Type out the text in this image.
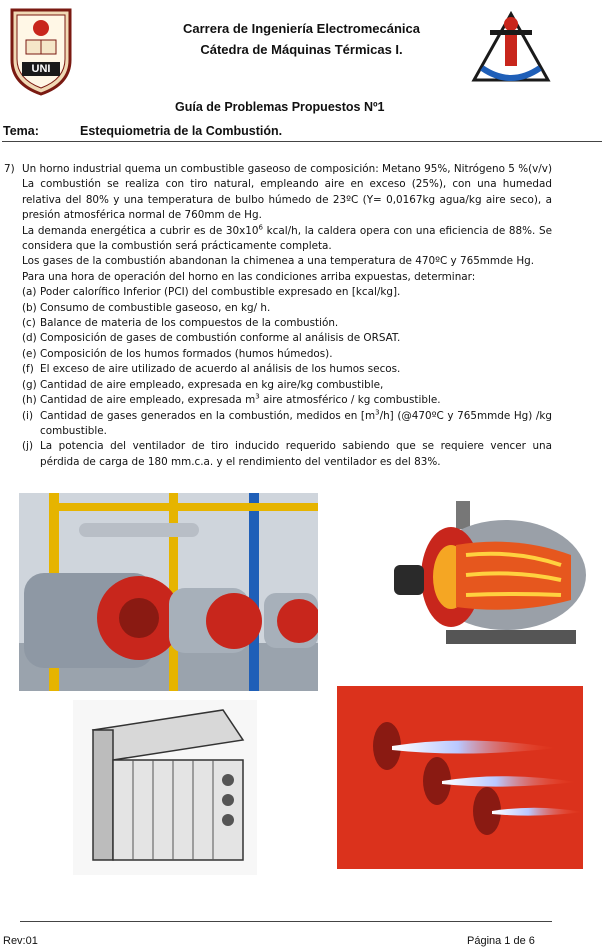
UNI	F I U N I
Carrera de Ingeniería Electromecánica
Cátedra de Máquinas Térmicas I.
Guía de Problemas Propuestos Nº1
Tema:	Estequiometria de la Combustión.
7) Un horno industrial quema un combustible gaseoso de composición: Metano 95%, Nitrógeno 5 %(v/v) La combustión se realiza con tiro natural, empleando aire en exceso (25%), con una humedad relativa del 80% y una temperatura de bulbo húmedo de 23ºC (Y= 0,0167kg agua/kg aire seco), a presión atmosférica normal de 760mm de Hg.

La demanda energética a cubrir es de $30x10^6$ kcal/h, la caldera opera con una eficiencia de 88%. Se considera que la combustión será prácticamente completa.

Los gases de la combustión abandonan la chimenea a una temperatura de 470ºC y 765mmde Hg.

Para una hora de operación del horno en las condiciones arriba expuestas, determinar:

(a) Poder calorífico Inferior (PCI) del combustible expresado en [kcal/kg].
(b) Consumo de combustible gaseoso, en kg/ h.
(c) Balance de materia de los compuestos de la combustión.
(d) Composición de gases de combustión conforme al análisis de ORSAT.
(e) Composición de los humos formados (humos húmedos).
(f) El exceso de aire utilizado de acuerdo al análisis de los humos secos.
(g) Cantidad de aire empleado, expresada en kg aire/kg combustible,
(h) Cantidad de aire empleado, expresada $m^3$ aire atmosférico / kg combustible.
(i) Cantidad de gases generados en la combustión, medidos en $[m^3/h]$ (@470ºC y 765mmde Hg) /kg combustible.
(j) La potencia del ventilador de tiro inducido requerido sabiendo que se requiere vencer una pérdida de carga de 180 mm.c.a. y el rendimiento del ventilador es del 83%.
Rev:01	Página 1 de 6
